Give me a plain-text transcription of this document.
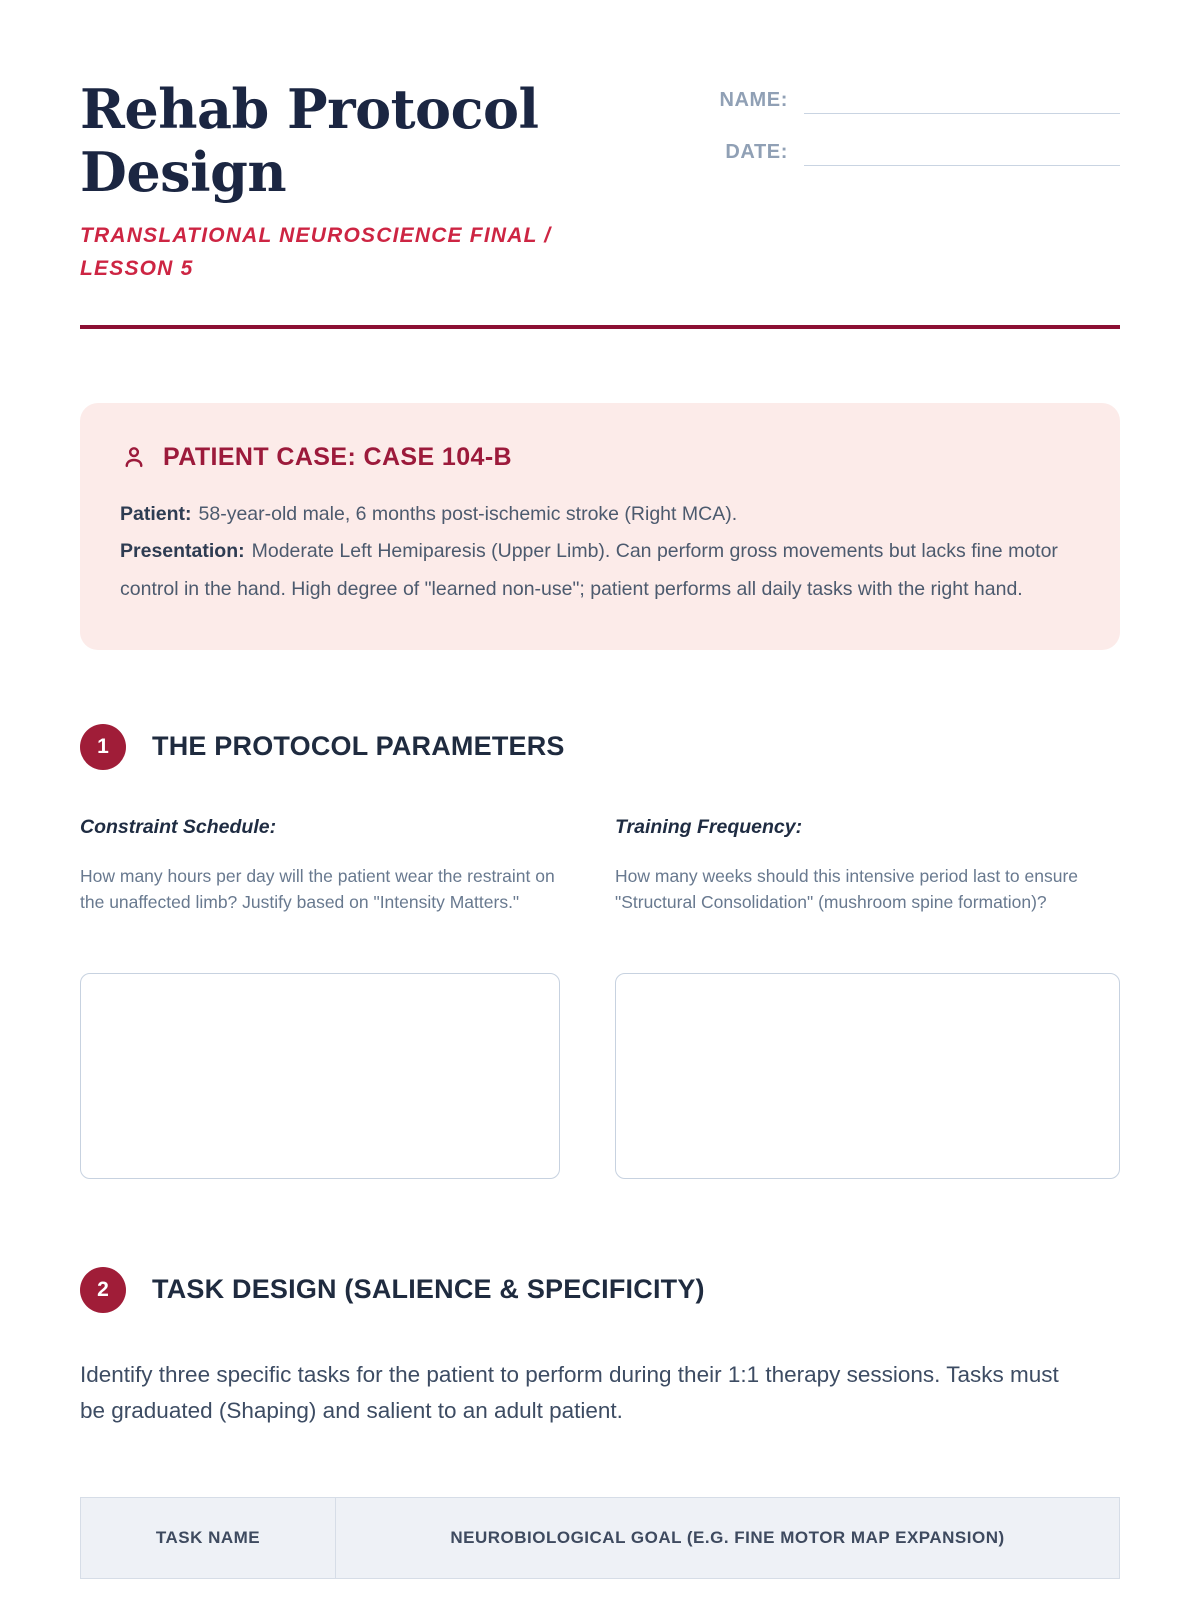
Rehab Protocol Design
TRANSLATIONAL NEUROSCIENCE FINAL / LESSON 5
NAME:
DATE:
PATIENT CASE: CASE 104-B
Patient: 58-year-old male, 6 months post-ischemic stroke (Right MCA).
Presentation: Moderate Left Hemiparesis (Upper Limb). Can perform gross movements but lacks fine motor control in the hand. High degree of "learned non-use"; patient performs all daily tasks with the right hand.
1	THE PROTOCOL PARAMETERS
Constraint Schedule:
How many hours per day will the patient wear the restraint on the unaffected limb? Justify based on "Intensity Matters."
Training Frequency:
How many weeks should this intensive period last to ensure "Structural Consolidation" (mushroom spine formation)?
2	TASK DESIGN (SALIENCE & SPECIFICITY)
Identify three specific tasks for the patient to perform during their 1:1 therapy sessions. Tasks must be graduated (Shaping) and salient to an adult patient.
TASK NAME	NEUROBIOLOGICAL GOAL (E.G. FINE MOTOR MAP EXPANSION)
